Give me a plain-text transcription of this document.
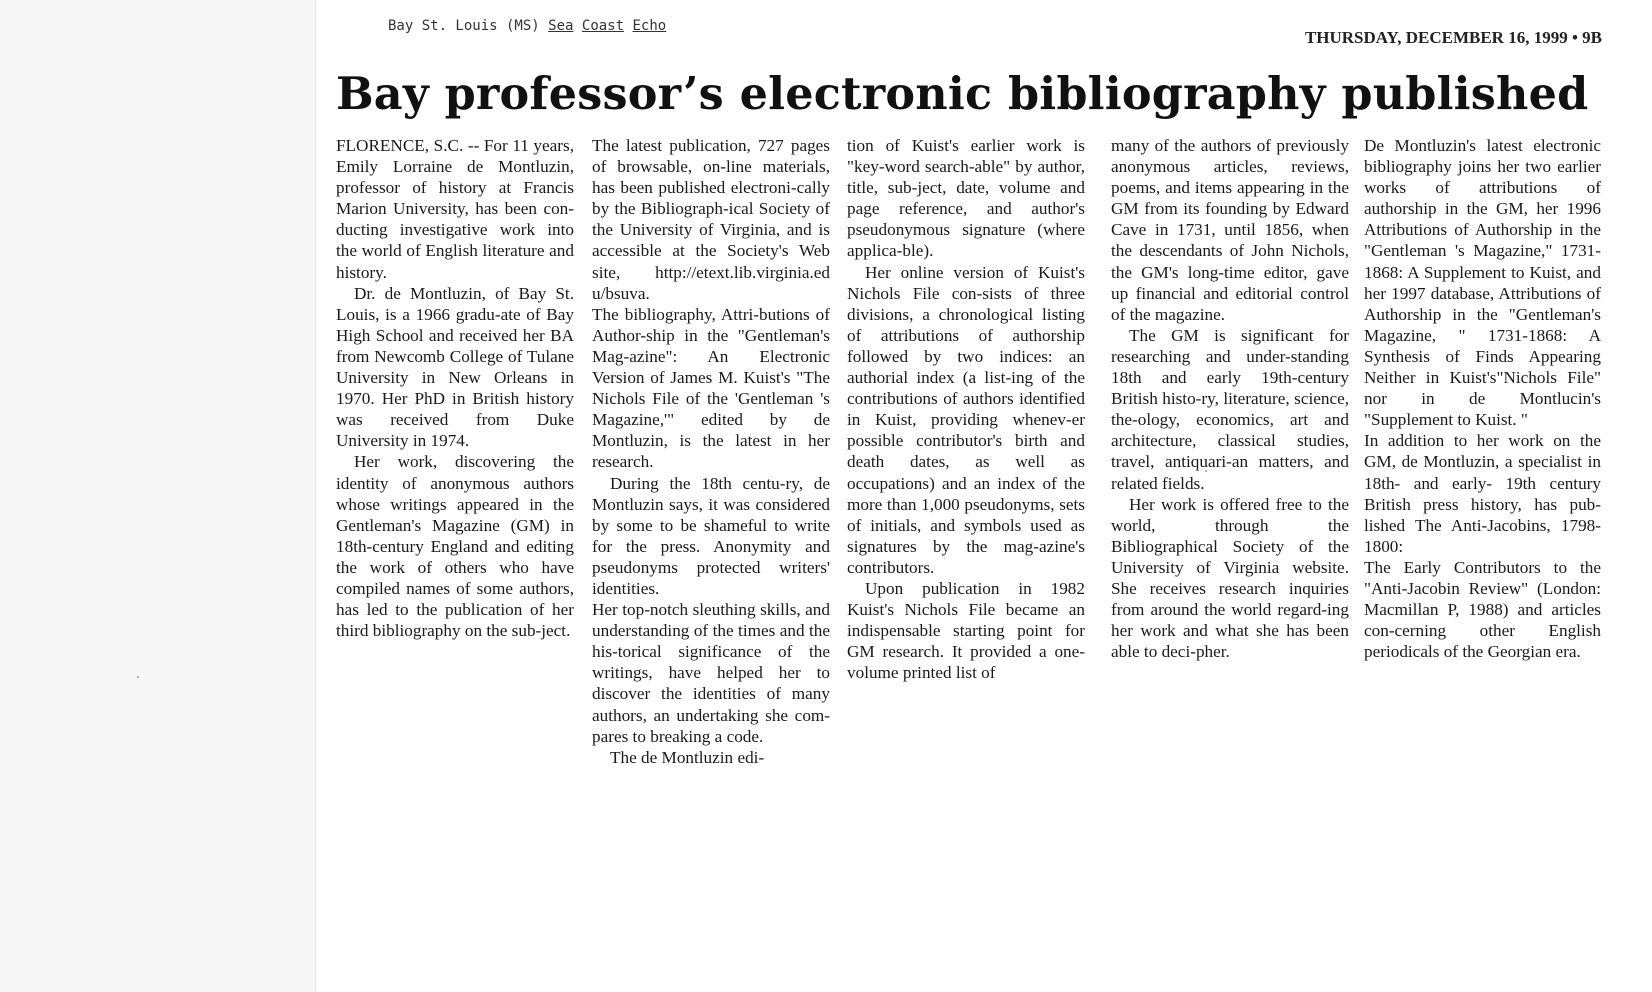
Bay St. Louis (MS) Sea Coast Echo
THURSDAY, DECEMBER 16, 1999 • 9B
Bay professor’s electronic bibliography published

FLORENCE, S.C. -- For 11 years, Emily Lorraine de Montluzin, professor of history at Francis Marion University, has been con-ducting investigative work into the world of English literature and history.

Dr. de Montluzin, of Bay St. Louis, is a 1966 gradu-ate of Bay High School and received her BA from Newcomb College of Tulane University in New Orleans in 1970. Her PhD in British history was received from Duke University in 1974.

Her work, discovering the identity of anonymous authors whose writings appeared in the Gentleman's Magazine (GM) in 18th-century England and editing the work of others who have compiled names of some authors, has led to the publication of her third bibliography on the sub-ject.

The latest publication, 727 pages of browsable, on-line materials, has been published electroni-cally by the Bibliograph-ical Society of the University of Virginia, and is accessible at the Society's Web site, http://etext.lib.virginia.ed u/bsuva.

The bibliography, Attri-butions of Author-ship in the "Gentleman's Mag-azine": An Electronic Version of James M. Kuist's "The Nichols File of the 'Gentleman 's Magazine,'" edited by de Montluzin, is the latest in her research.

During the 18th centu-ry, de Montluzin says, it was considered by some to be shameful to write for the press. Anonymity and pseudonyms protected writers' identities.

Her top-notch sleuthing skills, and understanding of the times and the his-torical significance of the writings, have helped her to discover the identities of many authors, an undertaking she com-pares to breaking a code.

The de Montluzin edi-

tion of Kuist's earlier work is "key-word search-able" by author, title, sub-ject, date, volume and page reference, and author's pseudonymous signature (where applica-ble).

Her online version of Kuist's Nichols File con-sists of three divisions, a chronological listing of attributions of authorship followed by two indices: an authorial index (a list-ing of the contributions of authors identified in Kuist, providing whenev-er possible contributor's birth and death dates, as well as occupations) and an index of the more than 1,000 pseudonyms, sets of initials, and symbols used as signatures by the mag-azine's contributors.

Upon publication in 1982 Kuist's Nichols File became an indispensable starting point for GM research. It provided a one-volume printed list of

many of the authors of previously anonymous articles, reviews, poems, and items appearing in the GM from its founding by Edward Cave in 1731, until 1856, when the descendants of John Nichols, the GM's long-time editor, gave up financial and editorial control of the magazine.

The GM is significant for researching and under-standing 18th and early 19th-century British histo-ry, literature, science, the-ology, economics, art and architecture, classical studies, travel, antiquari-an matters, and related fields.

Her work is offered free to the world, through the Bibliographical Society of the University of Virginia website. She receives research inquiries from around the world regard-ing her work and what she has been able to deci-pher.

De Montluzin's latest electronic bibliography joins her two earlier works of attributions of authorship in the GM, her 1996 Attributions of Authorship in the "Gentleman 's Magazine," 1731-1868: A Supplement to Kuist, and her 1997 database, Attributions of Authorship in the "Gentleman's Magazine, " 1731-1868: A Synthesis of Finds Appearing Neither in Kuist's"Nichols File" nor in de Montlucin's "Supplement to Kuist. "

In addition to her work on the GM, de Montluzin, a specialist in 18th- and early- 19th century British press history, has pub-lished The Anti-Jacobins, 1798-1800:

The Early Contributors to the "Anti-Jacobin Review" (London: Macmillan P, 1988) and articles con-cerning other English periodicals of the Georgian era.
